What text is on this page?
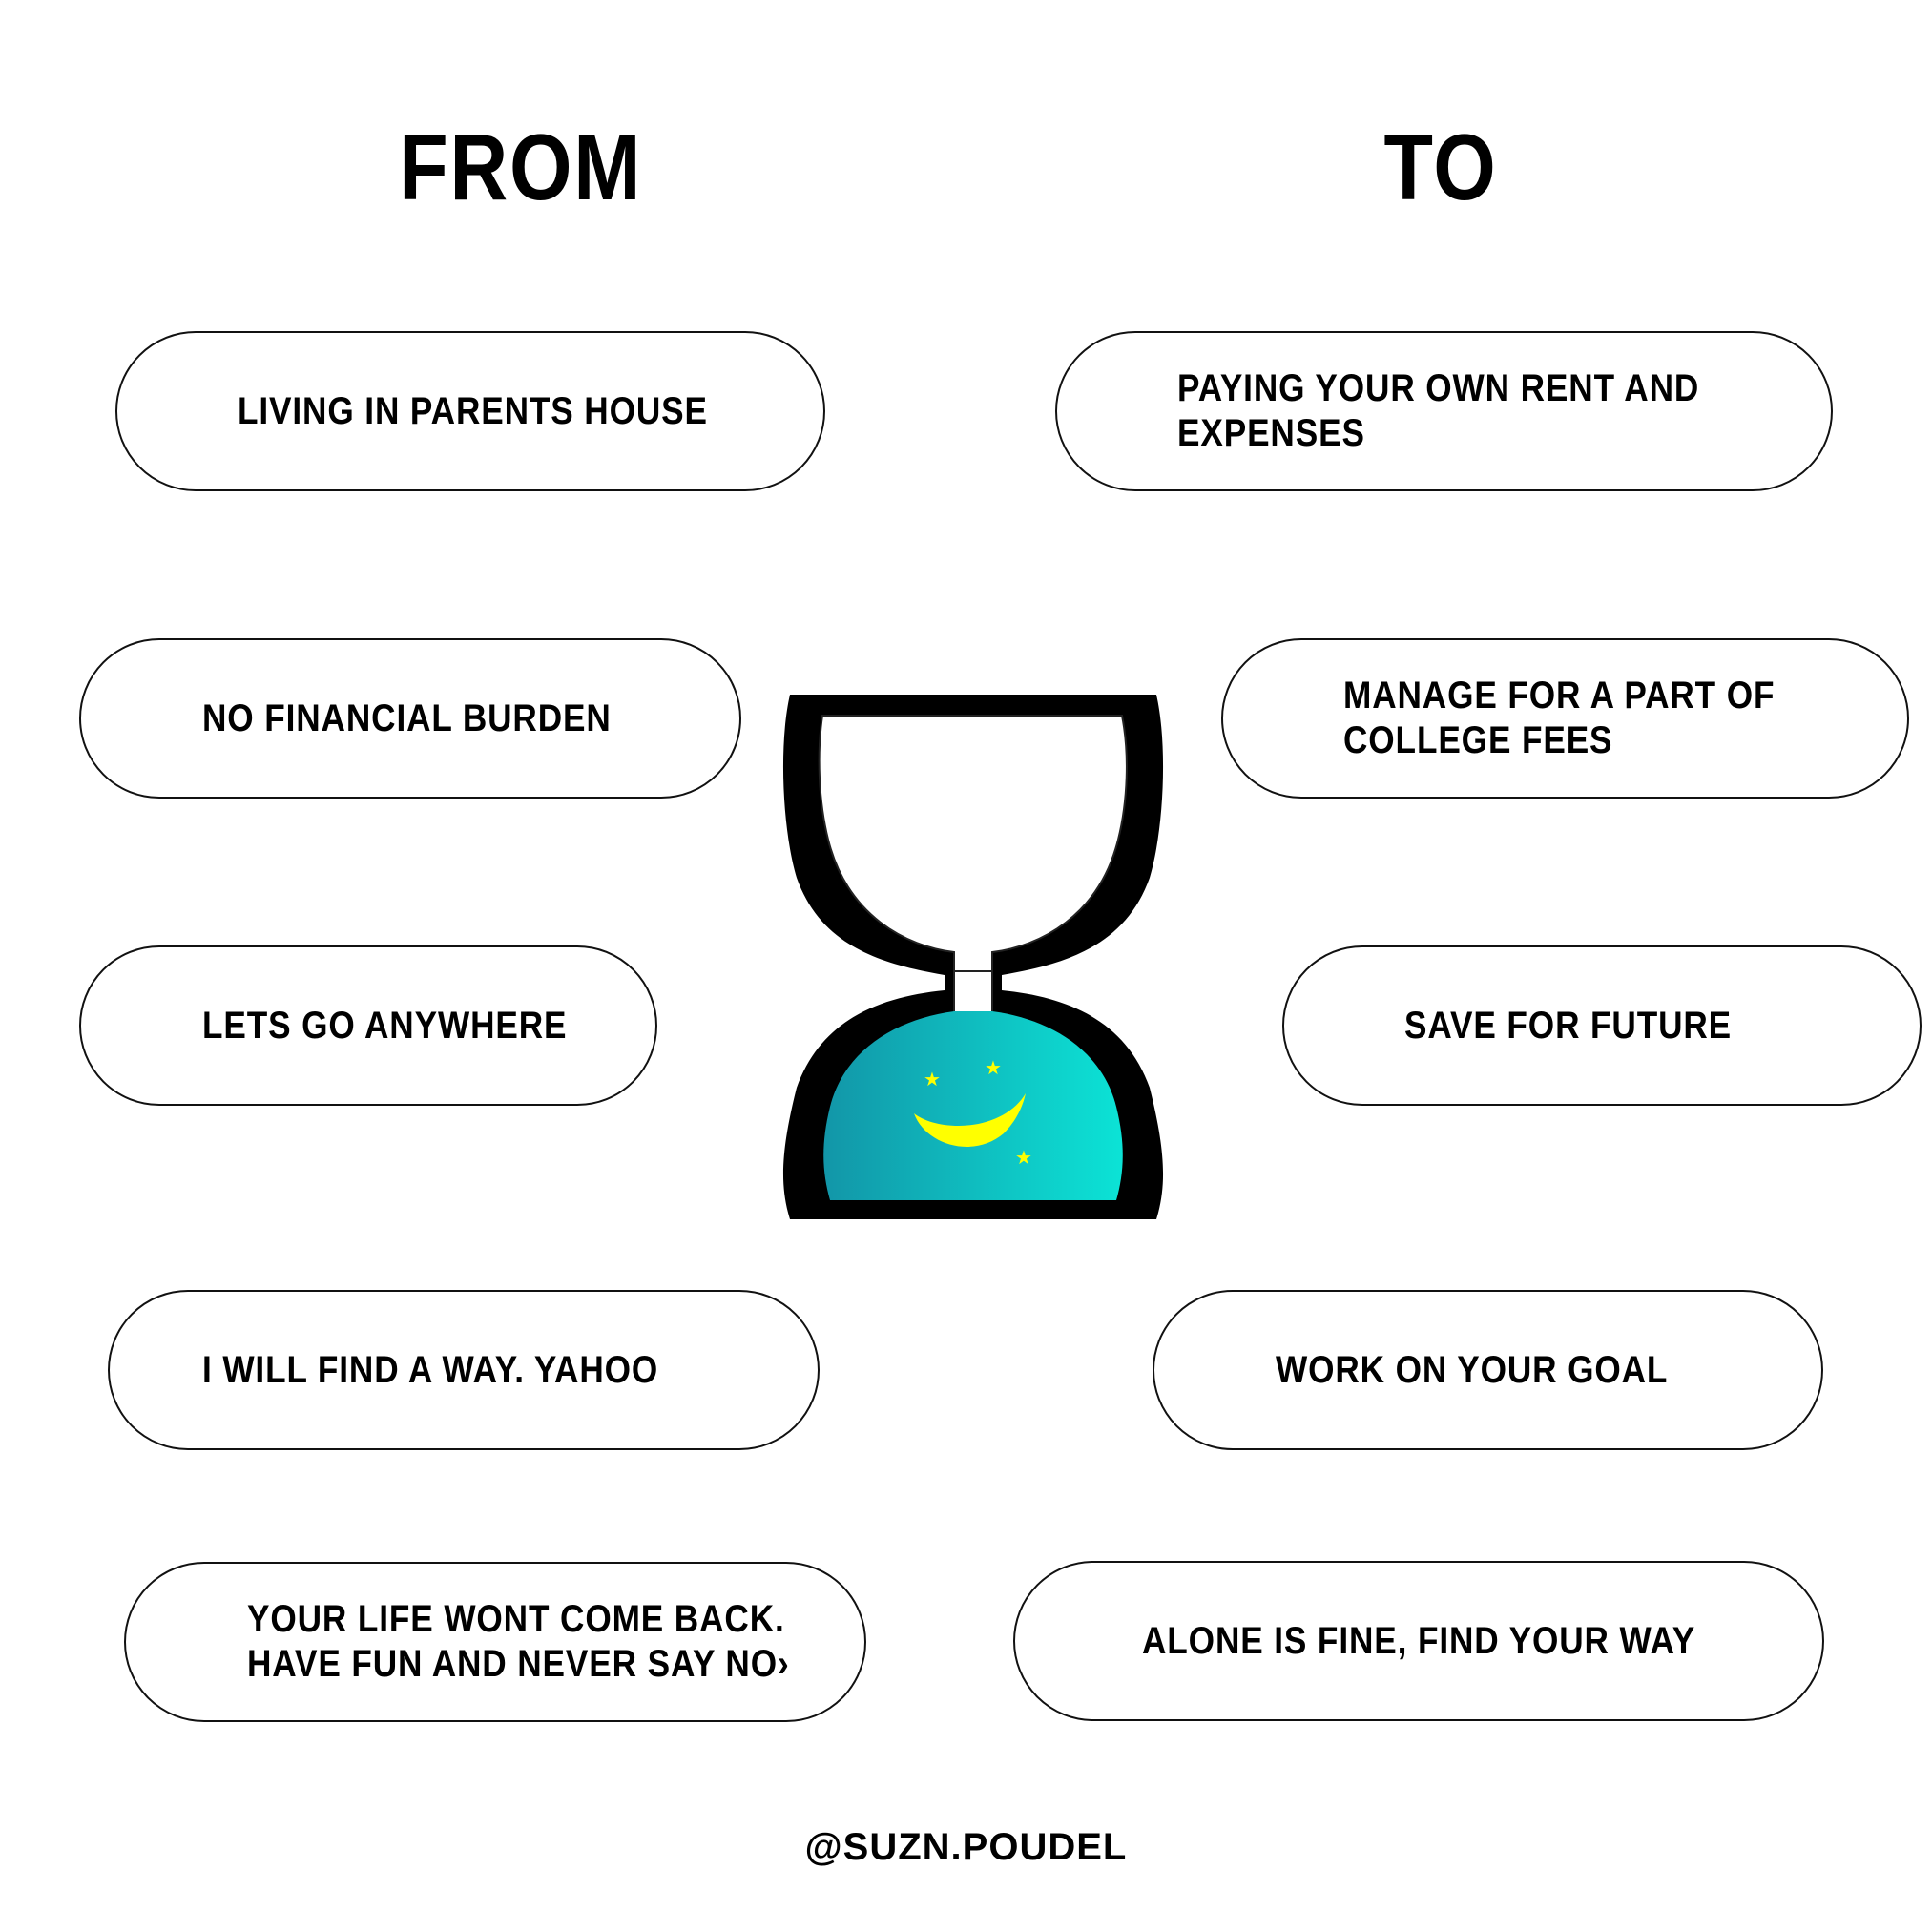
FROM	TO
LIVING IN PARENTS HOUSE
NO FINANCIAL BURDEN
LETS GO ANYWHERE
I WILL FIND A WAY. YAHOO
YOUR LIFE WONT COME BACK.
HAVE FUN AND NEVER SAY NO›
PAYING YOUR OWN RENT AND
EXPENSES
MANAGE FOR A PART OF
COLLEGE FEES
SAVE FOR FUTURE
WORK ON YOUR GOAL
ALONE IS FINE, FIND YOUR WAY
★ ★
★
@SUZN.POUDEL
